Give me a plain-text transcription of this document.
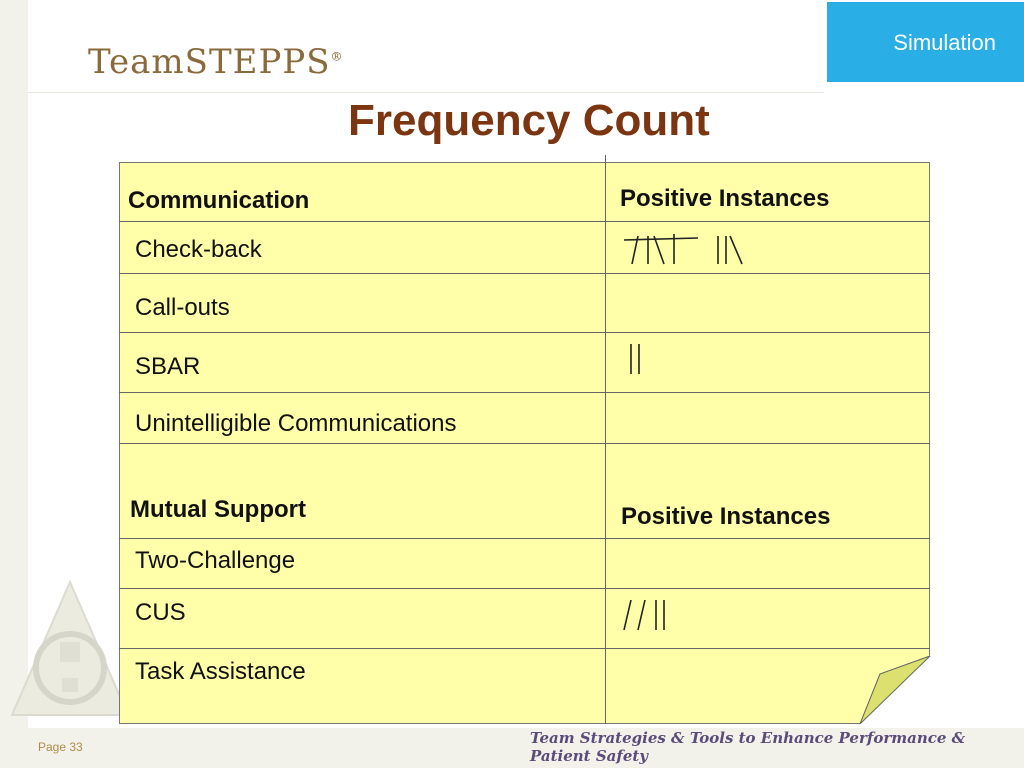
TeamSTEPPS®
Simulation
Frequency Count
Communication	Positive Instances
Check-back
Call-outs
SBAR
Unintelligible Communications
Mutual Support	Positive Instances
Two-Challenge
CUS
Task Assistance
Page 33	Team Strategies & Tools to Enhance Performance & Patient Safety
